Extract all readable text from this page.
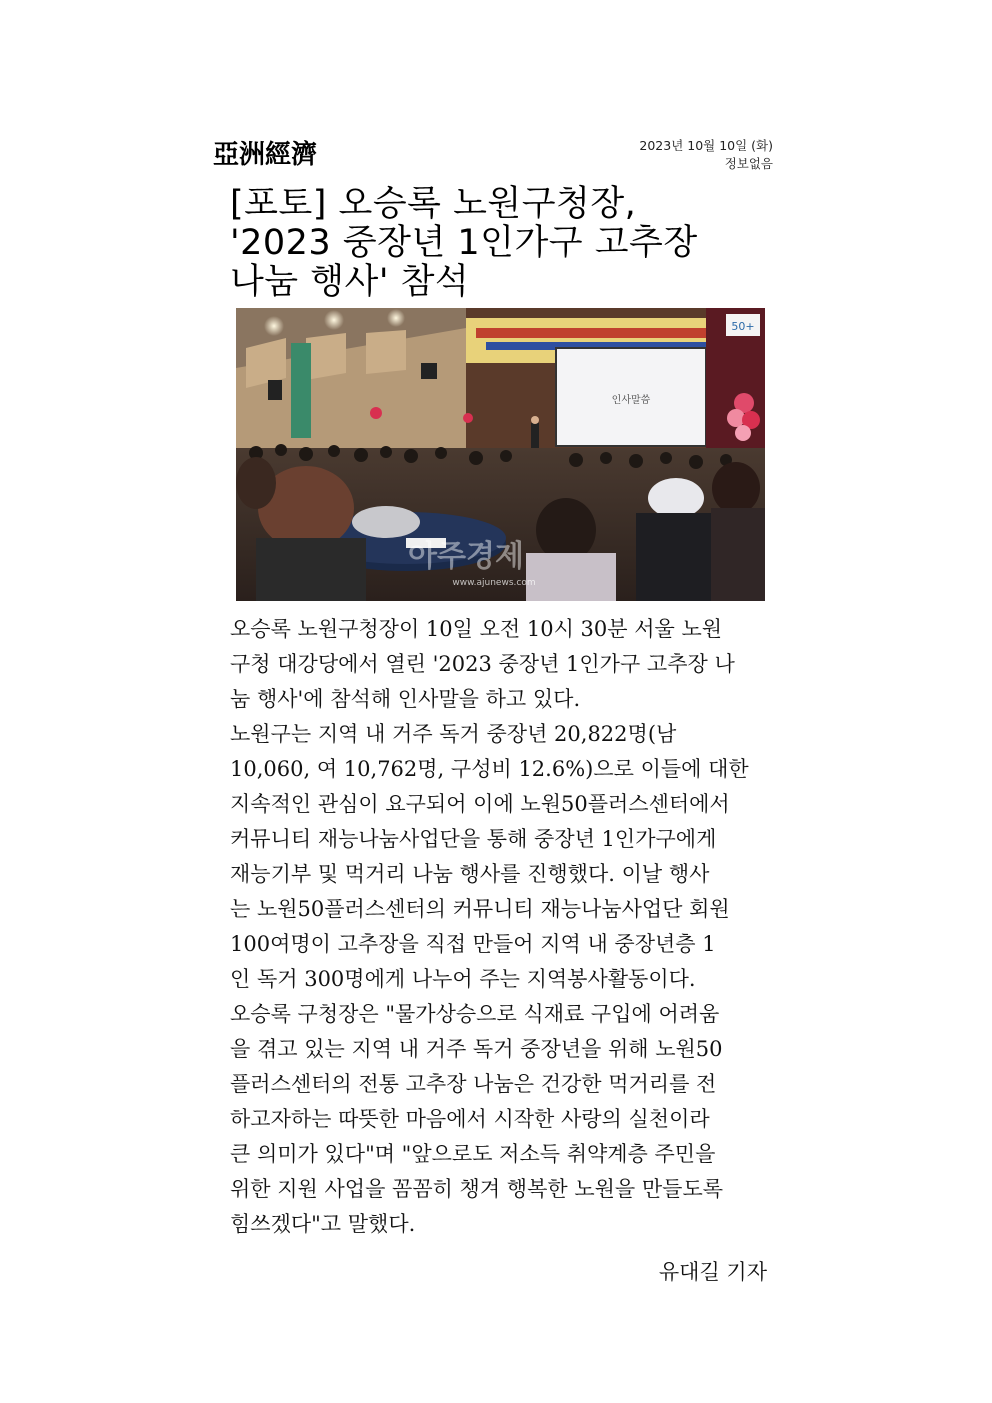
亞洲經濟	2023년 10월 10일 (화)
정보없음
[포토] 오승록 노원구청장,
'2023 중장년 1인가구 고추장
나눔 행사' 참석
인사말씀
50+
아주경제
www.ajunews.com
오승록 노원구청장이 10일 오전 10시 30분 서울 노원
구청 대강당에서 열린 '2023 중장년 1인가구 고추장 나
눔 행사'에 참석해 인사말을 하고 있다.
노원구는 지역 내 거주 독거 중장년 20,822명(남
10,060, 여 10,762명, 구성비 12.6%)으로 이들에 대한
지속적인 관심이 요구되어 이에 노원50플러스센터에서
커뮤니티 재능나눔사업단을 통해 중장년 1인가구에게
재능기부 및 먹거리 나눔 행사를 진행했다. 이날 행사
는 노원50플러스센터의 커뮤니티 재능나눔사업단 회원
100여명이 고추장을 직접 만들어 지역 내 중장년층 1
인 독거 300명에게 나누어 주는 지역봉사활동이다.
오승록 구청장은 "물가상승으로 식재료 구입에 어려움
을 겪고 있는 지역 내 거주 독거 중장년을 위해 노원50
플러스센터의 전통 고추장 나눔은 건강한 먹거리를 전
하고자하는 따뜻한 마음에서 시작한 사랑의 실천이라
큰 의미가 있다"며 "앞으로도 저소득 취약계층 주민을
위한 지원 사업을 꼼꼼히 챙겨 행복한 노원을 만들도록
힘쓰겠다"고 말했다.
유대길 기자
